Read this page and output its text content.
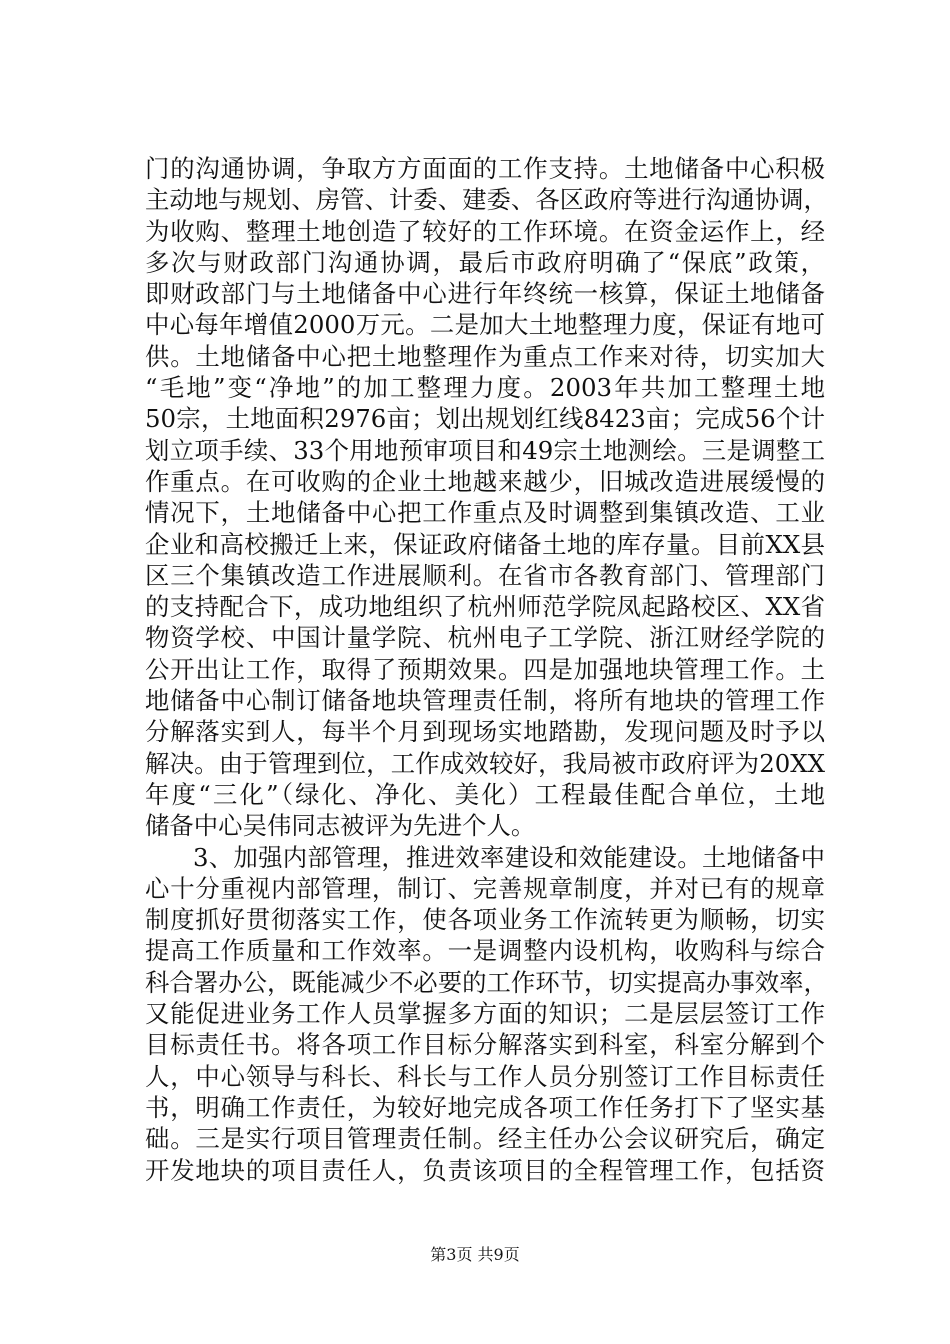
门的沟通协调，争取方方面面的工作支持。土地储备中心积极
主动地与规划、房管、计委、建委、各区政府等进行沟通协调，
为收购、整理土地创造了较好的工作环境。在资金运作上，经
多次与财政部门沟通协调，最后市政府明确了“保底”政策，
即财政部门与土地储备中心进行年终统一核算，保证土地储备
中心每年增值2000万元。二是加大土地整理力度，保证有地可
供。土地储备中心把土地整理作为重点工作来对待，切实加大
“毛地”变“净地”的加工整理力度。2003年共加工整理土地
50宗，土地面积2976亩；划出规划红线8423亩；完成56个计
划立项手续、33个用地预审项目和49宗土地测绘。三是调整工
作重点。在可收购的企业土地越来越少，旧城改造进展缓慢的
情况下，土地储备中心把工作重点及时调整到集镇改造、工业
企业和高校搬迁上来，保证政府储备土地的库存量。目前XX县
区三个集镇改造工作进展顺利。在省市各教育部门、管理部门
的支持配合下，成功地组织了杭州师范学院凤起路校区、XX省
物资学校、中国计量学院、杭州电子工学院、浙江财经学院的
公开出让工作，取得了预期效果。四是加强地块管理工作。土
地储备中心制订储备地块管理责任制，将所有地块的管理工作
分解落实到人，每半个月到现场实地踏勘，发现问题及时予以
解决。由于管理到位，工作成效较好，我局被市政府评为20XX
年度“三化”（绿化、净化、美化）工程最佳配合单位，土地
储备中心吴伟同志被评为先进个人。
3、加强内部管理，推进效率建设和效能建设。土地储备中
心十分重视内部管理，制订、完善规章制度，并对已有的规章
制度抓好贯彻落实工作，使各项业务工作流转更为顺畅，切实
提高工作质量和工作效率。一是调整内设机构，收购科与综合
科合署办公，既能减少不必要的工作环节，切实提高办事效率，
又能促进业务工作人员掌握多方面的知识；二是层层签订工作
目标责任书。将各项工作目标分解落实到科室，科室分解到个
人，中心领导与科长、科长与工作人员分别签订工作目标责任
书，明确工作责任，为较好地完成各项工作任务打下了坚实基
础。三是实行项目管理责任制。经主任办公会议研究后，确定
开发地块的项目责任人，负责该项目的全程管理工作，包括资
第3页 共9页
